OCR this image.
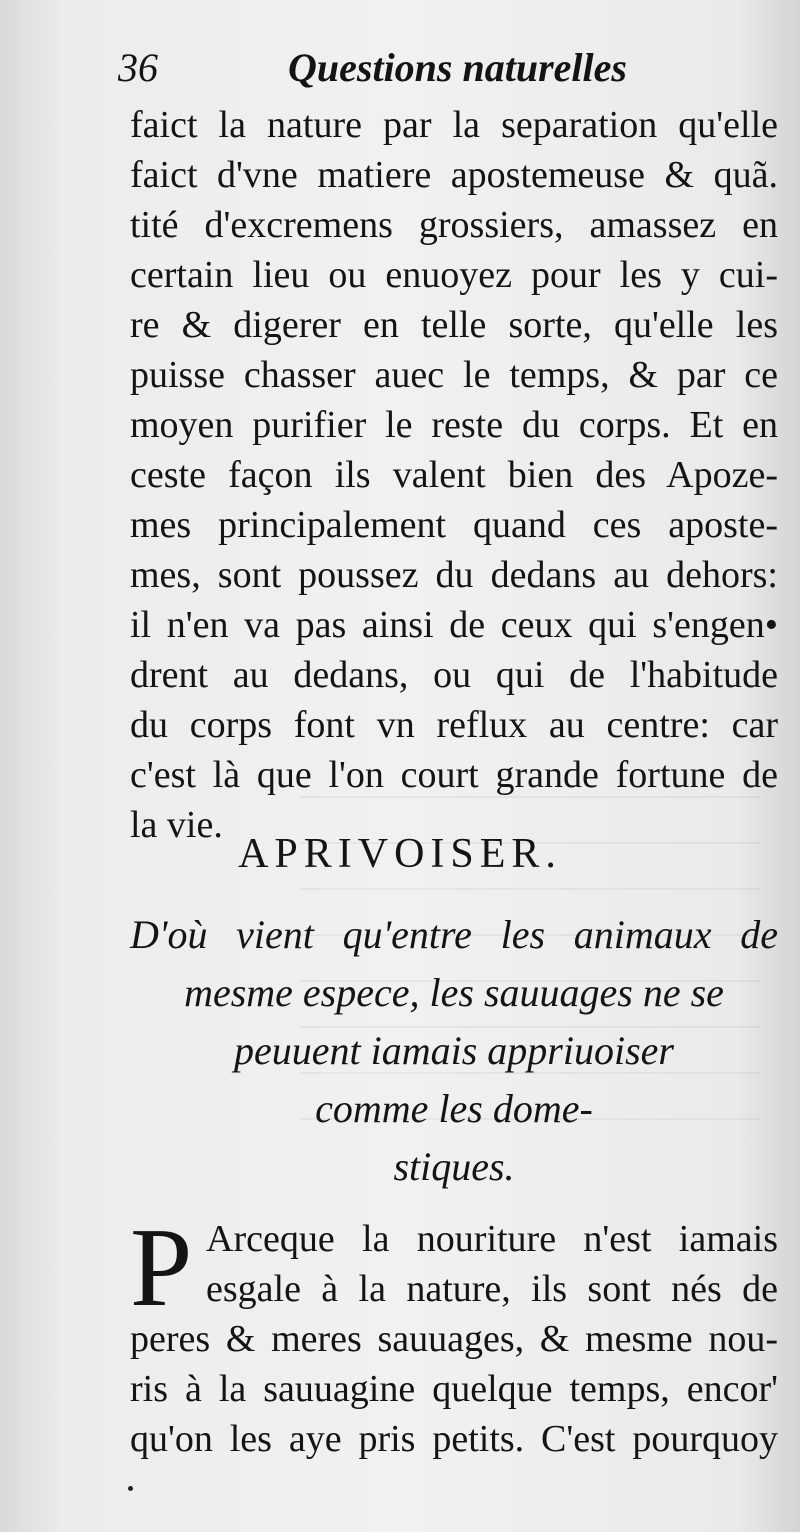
36	Questions naturelles
faict la nature par la separation qu'elle
faict d'vne matiere apostemeuse & quã.
tité d'excremens grossiers, amassez en
certain lieu ou enuoyez pour les y cui-
re & digerer en telle sorte, qu'elle les
puisse chasser auec le temps, & par ce
moyen purifier le reste du corps. Et en
ceste façon ils valent bien des Apoze-
mes principalement quand ces aposte-
mes, sont poussez du dedans au dehors:
il n'en va pas ainsi de ceux qui s'engen•
drent au dedans, ou qui de l'habitude
du corps font vn reflux au centre: car
c'est là que l'on court grande fortune de
la vie.
APRIVOISER.
D'où vient qu'entre les animaux de
mesme espece, les sauuages ne se
peuuent iamais appriuoiser
comme les dome-
stiques.
P Arceque la nouriture n'est iamais
esgale à la nature, ils sont nés de
peres & meres sauuages, & mesme nou-
ris à la sauuagine quelque temps, encor'
qu'on les aye pris petits. C'est pourquoy
